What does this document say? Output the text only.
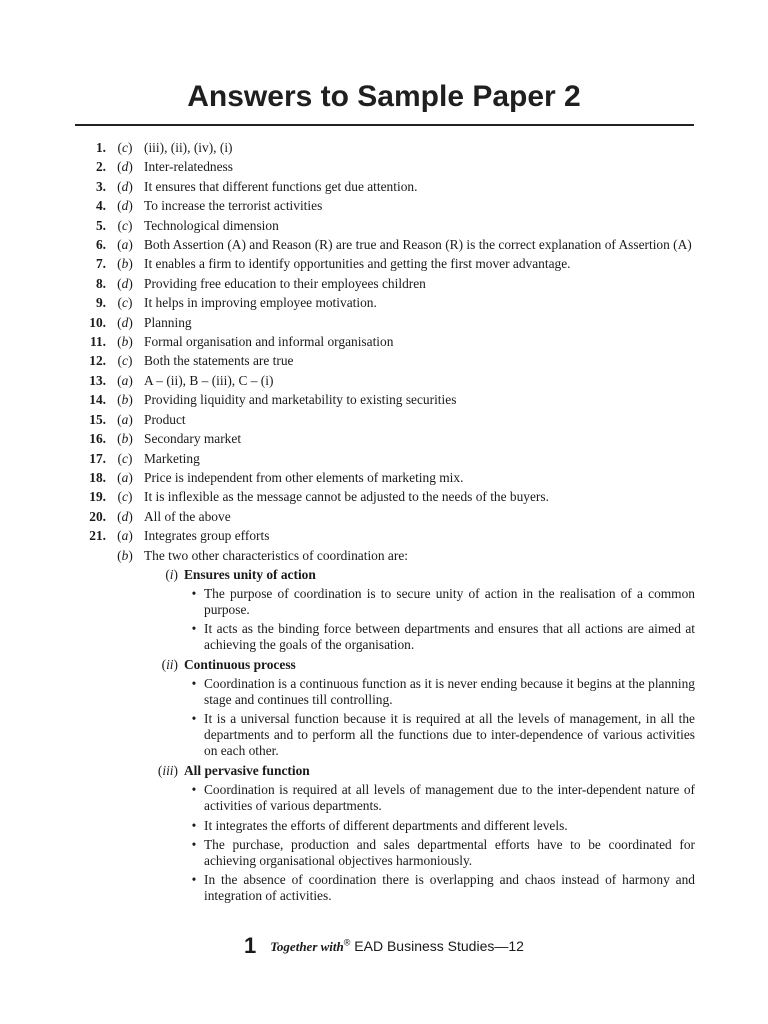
Answers to Sample Paper 2
1. (c) (iii), (ii), (iv), (i)
2. (d) Inter-relatedness
3. (d) It ensures that different functions get due attention.
4. (d) To increase the terrorist activities
5. (c) Technological dimension
6. (a) Both Assertion (A) and Reason (R) are true and Reason (R) is the correct explanation of Assertion (A)
7. (b) It enables a firm to identify opportunities and getting the first mover advantage.
8. (d) Providing free education to their employees children
9. (c) It helps in improving employee motivation.
10. (d) Planning
11. (b) Formal organisation and informal organisation
12. (c) Both the statements are true
13. (a) A – (ii), B – (iii), C – (i)
14. (b) Providing liquidity and marketability to existing securities
15. (a) Product
16. (b) Secondary market
17. (c) Marketing
18. (a) Price is independent from other elements of marketing mix.
19. (c) It is inflexible as the message cannot be adjusted to the needs of the buyers.
20. (d) All of the above
21. (a) Integrates group efforts
(b) The two other characteristics of coordination are:
(i) Ensures unity of action
• The purpose of coordination is to secure unity of action in the realisation of a common purpose.
• It acts as the binding force between departments and ensures that all actions are aimed at achieving the goals of the organisation.
(ii) Continuous process
• Coordination is a continuous function as it is never ending because it begins at the planning stage and continues till controlling.
• It is a universal function because it is required at all the levels of management, in all the departments and to perform all the functions due to inter-dependence of various activities on each other.
(iii) All pervasive function
• Coordination is required at all levels of management due to the inter-dependent nature of activities of various departments.
• It integrates the efforts of different departments and different levels.
• The purchase, production and sales departmental efforts have to be coordinated for achieving organisational objectives harmoniously.
• In the absence of coordination there is overlapping and chaos instead of harmony and integration of activities.
1 Together with® EAD Business Studies—12
